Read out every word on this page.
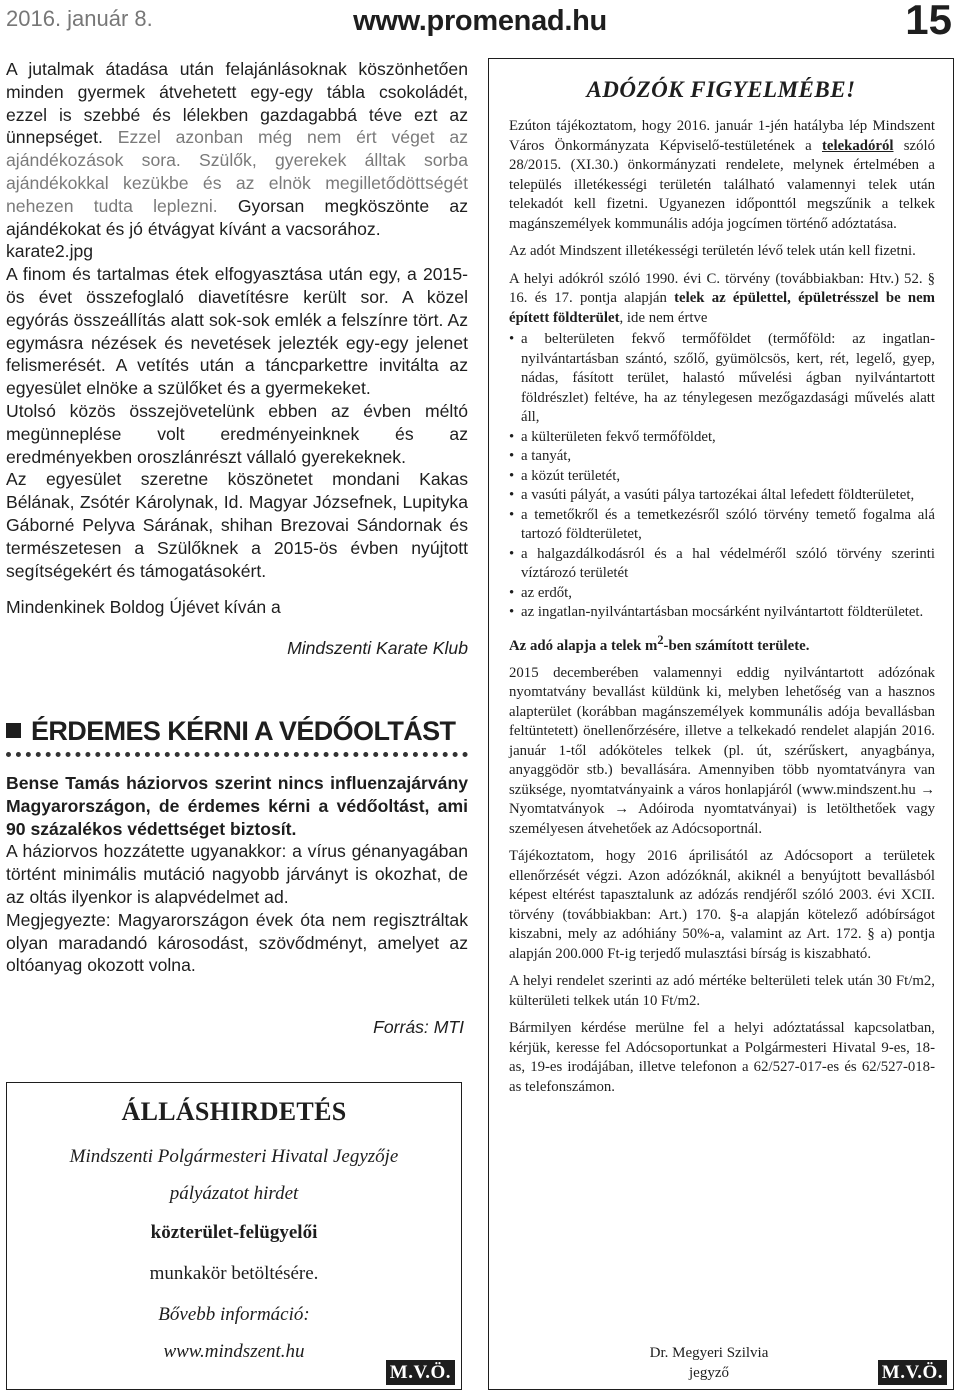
2016. január 8.	www.promenad.hu	15

A jutalmak átadása után felajánlásoknak köszönhetően minden gyermek átvehetett egy-egy tábla csokoládét, ezzel is szebbé és lélekben gazdagabbá téve ezt az ünnepséget. Ezzel azonban még nem ért véget az ajándékozások sora. Szülők, gyerekek álltak sorba ajándékokkal kezükbe és az elnök megilletődöttségét nehezen tudta leplezni. Gyorsan megköszönte az ajándékokat és jó étvágyat kívánt a vacsorához.

karate2.jpg

A finom és tartalmas étek elfogyasztása után egy, a 2015-ös évet összefoglaló diavetítésre került sor. A közel egyórás összeállítás alatt sok-sok emlék a felszínre tört. Az egymásra nézések és nevetések jelezték egy-egy jelenet felismerését. A vetítés után a táncparkettre invitálta az egyesület elnöke a szülőket és a gyermekeket.

Utolsó közös összejövetelünk ebben az évben méltó megünneplése volt eredményeinknek és az eredményekben oroszlánrészt vállaló gyerekeknek.

Az egyesület szeretne köszönetet mondani Kakas Bélának, Zsótér Károlynak, Id. Magyar Józsefnek, Lupityka Gáborné Pelyva Sárának, shihan Brezovai Sándornak és természetesen a Szülőknek a 2015-ös évben nyújtott segítségekért és támogatásokért.

Mindenkinek Boldog Újévet kíván a
Mindszenti Karate Klub
ÉRDEMES KÉRNI A VÉDŐOLTÁST

Bense Tamás háziorvos szerint nincs influenzajárvány Magyarországon, de érdemes kérni a védőoltást, ami 90 százalékos védettséget biztosít.

A háziorvos hozzátette ugyanakkor: a vírus génanyagában történt minimális mutáció nagyobb járványt is okozhat, de az oltás ilyenkor is alapvédelmet ad.

Megjegyezte: Magyarországon évek óta nem regisztráltak olyan maradandó károsodást, szövődményt, amelyet az oltóanyag okozott volna.

Forrás: MTI
ÁLLÁSHIRDETÉS
Mindszenti Polgármesteri Hivatal Jegyzője
pályázatot hirdet
közterület-felügyelői
munkakör betöltésére.
Bővebb információ:
www.mindszent.hu
M.V.Ö.
ADÓZÓK FIGYELMÉBE!

Ezúton tájékoztatom, hogy 2016. január 1-jén hatályba lép Mindszent Város Önkormányzata Képviselő-testületének a telekadóról szóló 28/2015. (XI.30.) önkormányzati rendelete, melynek értelmében a település illetékességi területén található valamennyi telek után telekadót kell fizetni. Ugyanezen időponttól megszűnik a telkek magánszemélyek kommunális adója jogcímen történő adóztatása.

Az adót Mindszent illetékességi területén lévő telek után kell fizetni.

A helyi adókról szóló 1990. évi C. törvény (továbbiakban: Htv.) 52. § 16. és 17. pontja alapján telek az épülettel, épületrésszel be nem épített földterület, ide nem értve

• a belterületen fekvő termőföldet (termőföld: az ingatlan-nyilvántartásban szántó, szőlő, gyümölcsös, kert, rét, legelő, gyep, nádas, fásított terület, halastó művelési ágban nyilvántartott földrészlet) feltéve, ha az ténylegesen mezőgazdasági művelés alatt áll,
• a külterületen fekvő termőföldet,
• a tanyát,
• a közút területét,
• a vasúti pályát, a vasúti pálya tartozékai által lefedett földterületet,
• a temetőkről és a temetkezésről szóló törvény temető fogalma alá tartozó földterületet,
• a halgazdálkodásról és a hal védelméről szóló törvény szerinti víztározó területét
• az erdőt,
• az ingatlan-nyilvántartásban mocsárként nyilvántartott földterületet.

Az adó alapja a telek $m^2$-ben számított területe.

2015 decemberében valamennyi eddig nyilvántartott adózónak nyomtatvány bevallást küldünk ki, melyben lehetőség van a hasznos alapterület (korábban magánszemélyek kommunális adója bevallásban feltüntetett) önellenőrzésére, illetve a telkekadó rendelet alapján 2016. január 1-től adóköteles telkek (pl. út, szérűskert, anyagbánya, anyaggödör stb.) bevallására. Amennyiben több nyomtatványra van szüksége, nyomtatványaink a város honlapjáról (www.mindszent.hu → Nyomtatványok → Adóiroda nyomtatványai) is letölthetőek vagy személyesen átvehetőek az Adócsoportnál.

Tájékoztatom, hogy 2016 áprilisától az Adócsoport a területek ellenőrzését végzi. Azon adózóknál, akiknél a benyújtott bevallásból képest eltérést tapasztalunk az adózás rendjéről szóló 2003. évi XCII. törvény (továbbiakban: Art.) 170. §-a alapján kötelező adóbírságot kiszabni, mely az adóhiány 50%-a, valamint az Art. 172. § a) pontja alapján 200.000 Ft-ig terjedő mulasztási bírság is kiszabható.

A helyi rendelet szerinti az adó mértéke belterületi telek után 30 Ft/m2, külterületi telkek után 10 Ft/m2.

Bármilyen kérdése merülne fel a helyi adóztatással kapcsolatban, kérjük, keresse fel Adócsoportunkat a Polgármesteri Hivatal 9-es, 18-as, 19-es irodájában, illetve telefonon a 62/527-017-es és 62/527-018-as telefonszámon.

Dr. Megyeri Szilvia
jegyző	M.V.Ö.
